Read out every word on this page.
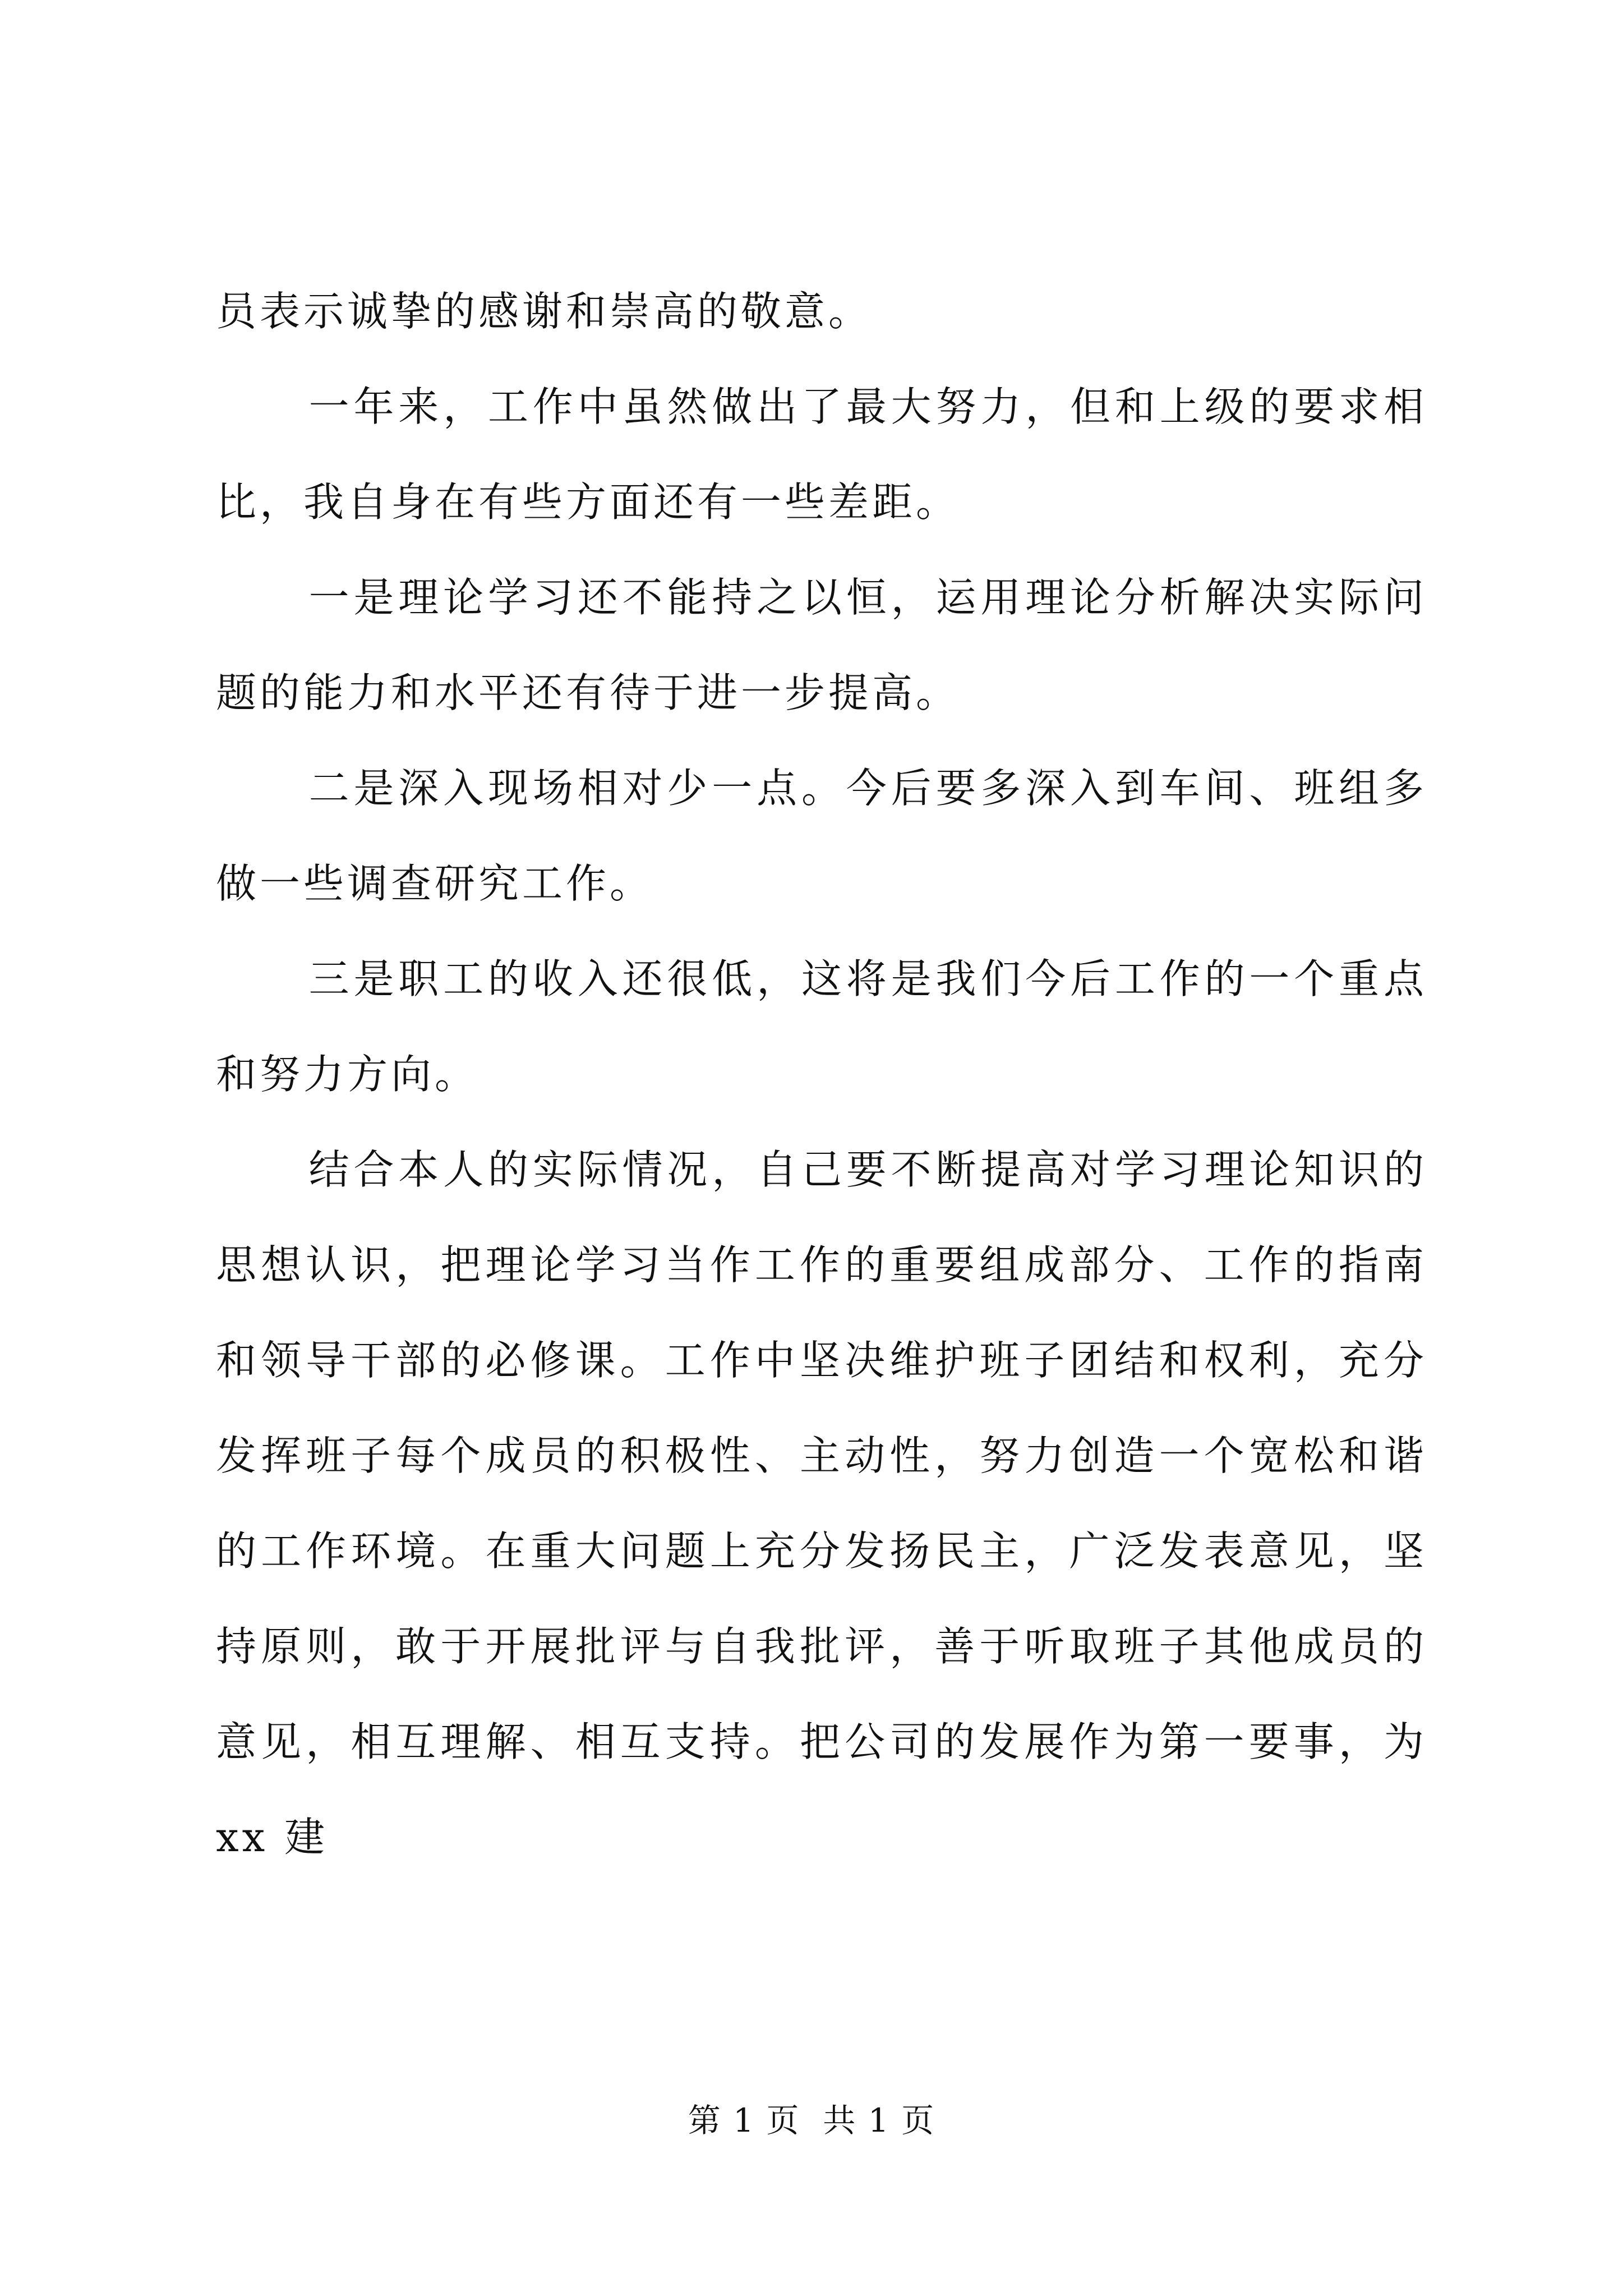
员表示诚挚的感谢和崇高的敬意。

一年来，工作中虽然做出了最大努力，但和上级的要求相比，我自身在有些方面还有一些差距。

一是理论学习还不能持之以恒，运用理论分析解决实际问题的能力和水平还有待于进一步提高。

二是深入现场相对少一点。今后要多深入到车间、班组多做一些调查研究工作。

三是职工的收入还很低，这将是我们今后工作的一个重点和努力方向。

结合本人的实际情况，自己要不断提高对学习理论知识的思想认识，把理论学习当作工作的重要组成部分、工作的指南和领导干部的必修课。工作中坚决维护班子团结和权利，充分发挥班子每个成员的积极性、主动性，努力创造一个宽松和谐的工作环境。在重大问题上充分发扬民主，广泛发表意见，坚持原则，敢于开展批评与自我批评，善于听取班子其他成员的意见，相互理解、相互支持。把公司的发展作为第一要事，为 xx 建

第 1 页  共 1 页
